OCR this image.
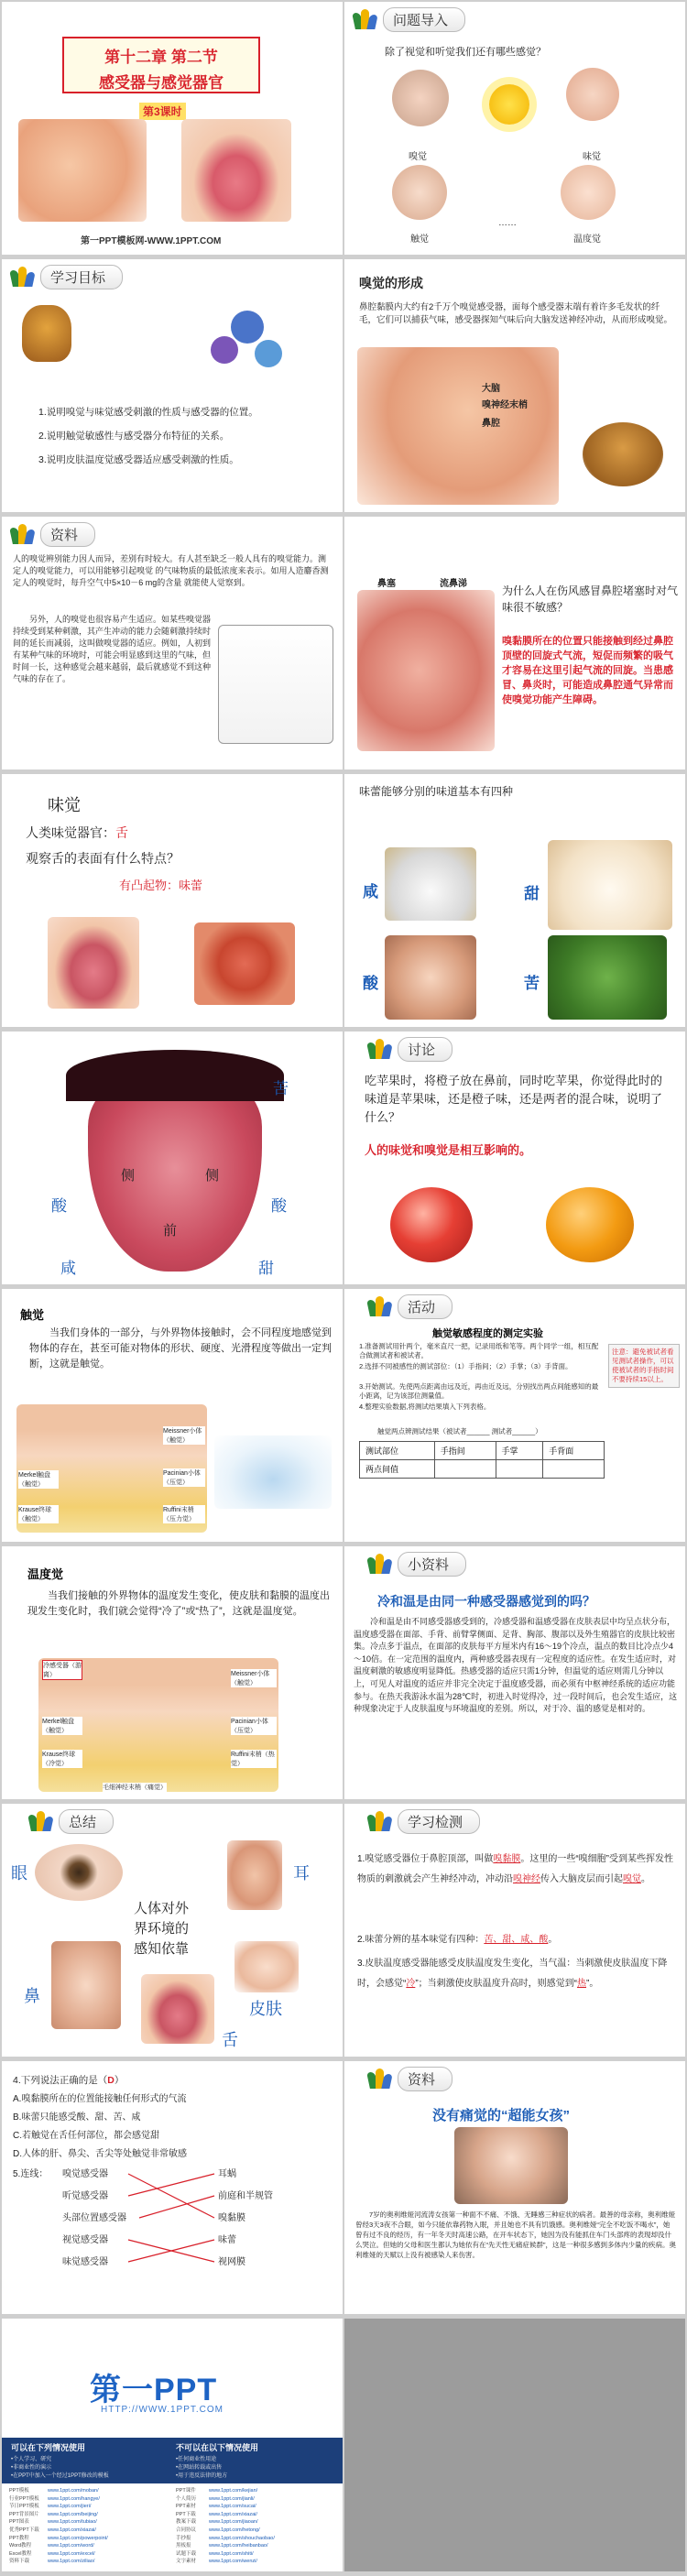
第十二章 第二节
感受器与感觉器官
第3课时
第一PPT模板网-WWW.1PPT.COM
问题导入
除了视觉和听觉我们还有哪些感觉？
嗅觉	味觉
……
触觉	温度觉
学习目标
1.说明嗅觉与味觉感受刺激的性质与感受器的位置。
2.说明触觉敏感性与感受器分布特征的关系。
3.说明皮肤温度觉感受器适应感受刺激的性质。
嗅觉的形成
鼻腔黏膜内大约有2千万个嗅觉感受器，面每个感受器末端有着许多毛发状的纤毛，它们可以捕获气味，感受器探知气味后向大脑发送神经冲动，从而形成嗅觉。
大脑
嗅神经末梢
鼻腔
资料
人的嗅觉辨别能力因人而异，差别有时较大。有人甚至缺乏一般人具有的嗅觉能力。测定人的嗅觉能力，可以用能够引起嗅觉 的气味物质的最低浓度来表示。如用人造麝香测定人的嗅觉时，每升空气中5×10－6 mg的含量 就能使人觉察到。
另外，人的嗅觉也很容易产生适应。如某些嗅觉器持续受到某种刺激，其产生冲动的能力会随刺激持续时间的延长而减弱，这叫做嗅觉器的适应。例如，人初到有某种气味的环境时，可能会明显感到这里的气味，但时间一长，这种感觉会越来越弱，最后就感觉不到这种气味的存在了。
鼻塞	流鼻涕
为什么人在伤风感冒鼻腔堵塞时对气味很不敏感？
嗅黏膜所在的位置只能接触到经过鼻腔顶壁的回旋式气流，短促而频繁的吸气才容易在这里引起气流的回旋。当患感冒、鼻炎时，可能造成鼻腔通气异常而使嗅觉功能产生障碍。
味觉
人类味觉器官：舌
观察舌的表面有什么特点？
有凸起物：味蕾
味蕾能够分别的味道基本有四种
咸	甜
酸	苦
苦
酸
侧	侧
酸
前
咸	甜
讨论
吃苹果时，将橙子放在鼻前，同时吃苹果，你觉得此时的味道是苹果味，还是橙子味，还是两者的混合味，说明了什么？
人的味觉和嗅觉是相互影响的。
触觉
当我们身体的一部分，与外界物体接触时，会不同程度地感觉到物体的存在，甚至可能对物体的形状、硬度、光滑程度等做出一定判断，这就是触觉。
Merkel触盘（触觉）
Meissner小体（触觉）
Pacinian小体（压觉）
Ruffini末梢（压力觉）
Krause终球（触觉）
活动
触觉敏感程度的测定实验
1.准备测试用针两个，毫米直尺一把，记录用纸和笔等。两个同学一组，相互配合做测试者和被试者。
2.选择不同被感性的测试部位：（1）手指间；（2）手掌；（3）手背面。
3.开始测试。先使两点距离由远及近，再由近及远，分别找出两点间能感知的最小距离，记为该部位测量值。
4.整理实验数据,将测试结果填入下列表格。
触觉两点辨测试结果（被试者______ 测试者______）
测试部位	手指间	手掌	手背面
两点间值			
注意：避免被试者看见测试者操作，可以使被试者的手指时间不要持续15以上。
温度觉
当我们接触的外界物体的温度发生变化，使皮肤和黏膜的温度出现发生变化时，我们就会觉得“冷了”或“热了”，这就是温度觉。
冷感受器（游离）	Meissner小体（触觉）
Merkel触盘（触觉）
Pacinian小体（压觉）
Ruffini末梢（热觉）
Krause终球（冷觉）
毛细神经末梢（痛觉）
小资料
冷和温是由同一种感受器感觉到的吗？
冷和温是由不同感受器感受到的，冷感受器和温感受器在皮肤表层中均呈点状分布，温度感受器在面部、手背、前臂掌侧面、足背、胸部、腹部以及外生殖器官的皮肤比较密集。冷点多于温点，在面部的皮肤每平方厘米内有16～19个冷点，温点的数目比冷点少4～10倍。在一定范围的温度内，两种感受器表现有一定程度的适应性。在发生适应时，对温度刺激的敏感度明显降低。热感受器的适应只需1分钟，但温觉的适应则需几分钟以上，可见人对温度的适应并非完全决定于温度感受器，而必须有中枢神经系统的适应功能参与。在热天我游泳水温为28℃时，初进入时觉得冷，过一段时间后，也会发生适应，这种现象决定于人皮肤温度与环境温度的差别。所以，对于冷、温的感觉是相对的。
总结
眼	耳
人体对外
界环境的
感知依靠
鼻
皮肤
舌
学习检测
1.嗅觉感受器位于鼻腔顶部，叫做嗅黏膜。这里的一些“嗅细胞”受到某些挥发性物质的刺激就会产生神经冲动，冲动沿嗅神经传入大脑皮层而引起嗅觉。
2.味蕾分辨的基本味觉有四种：苦、甜、咸、酸。
3.皮肤温度感受器能感受皮肤温度发生变化，当气温：当刺激使皮肤温度下降时，会感觉“冷”；当刺激使皮肤温度升高时，则感觉到“热”。
4.下列说法正确的是（D）
A.嗅黏膜所在的位置能接触任何形式的气流
B.味蕾只能感受酸、甜、苦、咸
C.若触觉在舌任何部位，都会感觉甜
D.人体的肝、鼻尖、舌尖等处触觉非常敏感
5.连线： 嗅觉感受器
听觉感受器
头部位置感受器
视觉感受器
味觉感受器
耳蜗
前庭和半规管
嗅黏膜
味蕾
视网膜
资料
没有痛觉的“超能女孩”
7岁的奥利维娅河流涛女孩第一种面不不痛、不饿、无睡感三种症状的病者。最善的母亲称，奥利维娅曾经3天3夜不合眼，如今只能依靠药物入眠，并且她也不具有饥饿感。奥利维娅“完全不吃饭不喝水”，她曾有过不良的经历，有一年冬天时高速公路，在开车状态下，她因为没有能抓住车门头部疼的表现却没什么哭泣。但她的父母和医生都认为她依有在“先天性无痛症候群”，这是一种很多感到多体内少量的疾病。奥利维娅的天赋以上没有被感染人来伤害。
第一PPT
HTTP://WWW.1PPT.COM
可以在下列情况使用
•个人学习、研究
•非商业性的演示
•在PPT中加入一个经过1PPT修改的模板
不可以在以下情况使用
•任何商业性用途
•在网站转载或出售
•用于违反法律的地方
PPT模板	www.1ppt.com/moban/
行业PPT模板 www.1ppt.com/hangye/
节日PPT模板 www.1ppt.com/jieri/
PPT背景图片 www.1ppt.com/beijing/
PPT图表	www.1ppt.com/tubiao/
优秀PPT下载 www.1ppt.com/xiazai/
PPT教程	www.1ppt.com/powerpoint/
Word教程	www.1ppt.com/word/
Excel教程	www.1ppt.com/excel/
资料下载	www.1ppt.com/ziliao/
PPT课件	www.1ppt.com/kejian/
个人简历	www.1ppt.com/jianli/
PPT素材	www.1ppt.com/sucai/
PPT下载	www.1ppt.com/xiazai/
教案下载	www.1ppt.com/jiaoan/
合同协议	www.1ppt.com/hetong/
手抄报	www.1ppt.com/shouchaobao/
黑板报	www.1ppt.com/heibanbao/
试题下载	www.1ppt.com/shiti/
文字素材	www.1ppt.com/wenzi/
